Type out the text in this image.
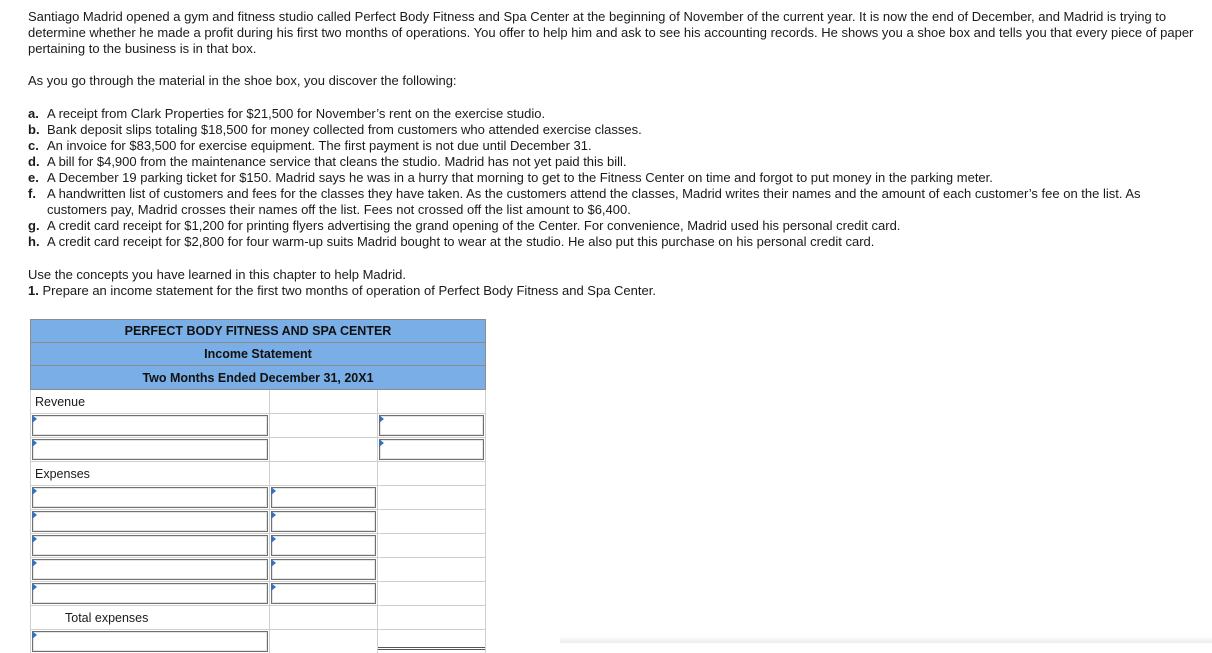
Santiago Madrid opened a gym and fitness studio called Perfect Body Fitness and Spa Center at the beginning of November of the current year. It is now the end of December, and Madrid is trying to determine whether he made a profit during his first two months of operations. You offer to help him and ask to see his accounting records. He shows you a shoe box and tells you that every piece of paper pertaining to the business is in that box.

As you go through the material in the shoe box, you discover the following:

a. A receipt from Clark Properties for $21,500 for November’s rent on the exercise studio.
b. Bank deposit slips totaling $18,500 for money collected from customers who attended exercise classes.
c. An invoice for $83,500 for exercise equipment. The first payment is not due until December 31.
d. A bill for $4,900 from the maintenance service that cleans the studio. Madrid has not yet paid this bill.
e. A December 19 parking ticket for $150. Madrid says he was in a hurry that morning to get to the Fitness Center on time and forgot to put money in the parking meter.
f. A handwritten list of customers and fees for the classes they have taken. As the customers attend the classes, Madrid writes their names and the amount of each customer’s fee on the list. As customers pay, Madrid crosses their names off the list. Fees not crossed off the list amount to $6,400.
g. A credit card receipt for $1,200 for printing flyers advertising the grand opening of the Center. For convenience, Madrid used his personal credit card.
h. A credit card receipt for $2,800 for four warm-up suits Madrid bought to wear at the studio. He also put this purchase on his personal credit card.

Use the concepts you have learned in this chapter to help Madrid.

1. Prepare an income statement for the first two months of operation of Perfect Body Fitness and Spa Center.

PERFECT BODY FITNESS AND SPA CENTER
Income Statement
Two Months Ended December 31, 20X1
Revenue
Expenses
Total expenses
